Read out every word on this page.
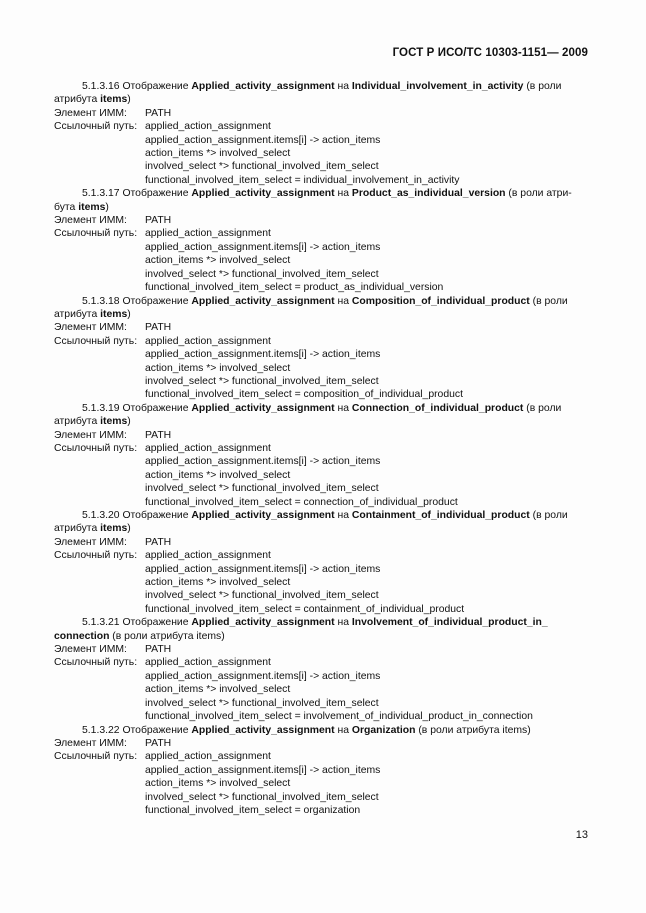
ГОСТ Р ИСО/ТС 10303-1151— 2009

5.1.3.16 Отображение Applied_activity_assignment на Individual_involvement_in_activity (в роли
атрибута items)

Элемент ИММ:	PATH
Ссылочный путь: applied_action_assignment
applied_action_assignment.items[i] -> action_items
action_items *> involved_select
involved_select *> functional_involved_item_select
functional_involved_item_select = individual_involvement_in_activity

5.1.3.17 Отображение Applied_activity_assignment на Product_as_individual_version (в роли атри-
бута items)

Элемент ИММ:	PATH
Ссылочный путь: applied_action_assignment
applied_action_assignment.items[i] -> action_items
action_items *> involved_select
involved_select *> functional_involved_item_select
functional_involved_item_select = product_as_individual_version

5.1.3.18 Отображение Applied_activity_assignment на Composition_of_individual_product (в роли
атрибута items)

Элемент ИММ:	PATH
Ссылочный путь: applied_action_assignment
applied_action_assignment.items[i] -> action_items
action_items *> involved_select
involved_select *> functional_involved_item_select
functional_involved_item_select = composition_of_individual_product

5.1.3.19 Отображение Applied_activity_assignment на Connection_of_individual_product (в роли
атрибута items)

Элемент ИММ:	PATH
Ссылочный путь: applied_action_assignment
applied_action_assignment.items[i] -> action_items
action_items *> involved_select
involved_select *> functional_involved_item_select
functional_involved_item_select = connection_of_individual_product

5.1.3.20 Отображение Applied_activity_assignment на Containment_of_individual_product (в роли
атрибута items)

Элемент ИММ:	PATH
Ссылочный путь: applied_action_assignment
applied_action_assignment.items[i] -> action_items
action_items *> involved_select
involved_select *> functional_involved_item_select
functional_involved_item_select = containment_of_individual_product

5.1.3.21 Отображение Applied_activity_assignment на Involvement_of_individual_product_in_
connection (в роли атрибута items)

Элемент ИММ:	PATH
Ссылочный путь: applied_action_assignment
applied_action_assignment.items[i] -> action_items
action_items *> involved_select
involved_select *> functional_involved_item_select
functional_involved_item_select = involvement_of_individual_product_in_connection

5.1.3.22 Отображение Applied_activity_assignment на Organization (в роли атрибута items)

Элемент ИММ:	PATH
Ссылочный путь: applied_action_assignment
applied_action_assignment.items[i] -> action_items
action_items *> involved_select
involved_select *> functional_involved_item_select
functional_involved_item_select = organization
13
